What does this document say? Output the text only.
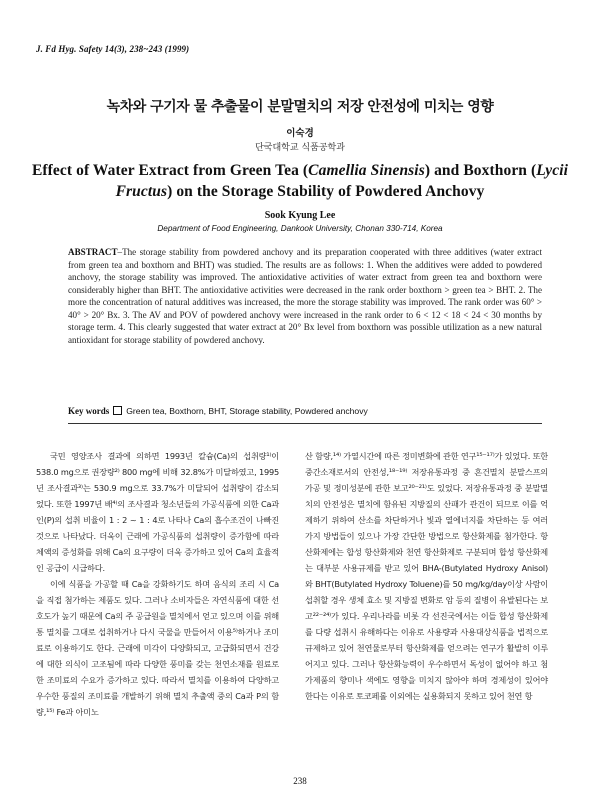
J. Fd Hyg. Safety 14(3), 238~243 (1999)
녹차와 구기자 물 추출물이 분말멸치의 저장 안전성에 미치는 영향
이숙경
단국대학교 식품공학과
Effect of Water Extract from Green Tea (Camellia Sinensis) and Boxthorn (Lycii Fructus) on the Storage Stability of Powdered Anchovy
Sook Kyung Lee
Department of Food Engineering, Dankook University, Chonan 330-714, Korea
ABSTRACT–The storage stability from powdered anchovy and its preparation cooperated with three additives (water extract from green tea and boxthorn and BHT) was studied. The results are as follows: 1. When the additives were added to powdered anchovy, the storage stability was improved. The antioxidative activities of water extract from green tea and boxthorn were considerably higher than BHT. The antioxidative activities were decreased in the rank order boxthorn > green tea > BHT. 2. The more the concentration of natural additives was increased, the more the storage stability was improved. The rank order was 60° > 40° > 20° Bx. 3. The AV and POV of powdered anchovy were increased in the rank order to 6 < 12 < 18 < 24 < 30 months by storage term. 4. This clearly suggested that water extract at 20° Bx level from boxthorn was possible utilization as a new natural antioxidant for storage stability of powdered anchovy.
Key words Green tea, Boxthorn, BHT, Storage stability, Powdered anchovy

국민 영양조사 결과에 의하면 1993년 칼슘(Ca)의 섭취량¹⁾이 538.0 mg으로 권장량²⁾ 800 mg에 비해 32.8%가 미달하였고, 1995년 조사결과³⁾는 530.9 mg으로 33.7%가 미달되어 섭취량이 감소되었다. 또한 1997년 배⁴⁾의 조사결과 청소년들의 가공식품에 의한 Ca과 인(P)의 섭취 비율이 1 : 2 ~ 1 : 4로 나타나 Ca의 흡수조건이 나빠진 것으로 나타났다. 더욱이 근래에 가공식품의 섭취량이 증가함에 따라 체액의 증성화를 위해 Ca의 요구량이 더욱 증가하고 있어 Ca의 효율적인 공급이 시급하다.

이에 식품을 가공할 때 Ca을 강화하기도 하며 음식의 조리 시 Ca을 직접 첨가하는 제품도 있다. 그러나 소비자들은 자연식품에 대한 선호도가 높기 때문에 Ca의 주 공급원을 멸치에서 얻고 있으며 이를 위해 통 멸치를 그대로 섭취하거나 다시 국물을 만들어서 이용⁵⁾하거나 조미료로 이용하기도 한다. 근래에 미각이 다양화되고, 고급화되면서 건강에 대한 의식이 고조됨에 따라 다양한 풍미를 갖는 천연소재를 원료로 한 조미료의 수요가 증가하고 있다. 따라서 멸치를 이용하여 다양하고 우수한 풍질의 조미료를 개발하기 위해 멸치 추출액 중의 Ca과 P의 함량,¹⁵⁾ Fe과 아미노

산 함량,¹⁴⁾ 가열시간에 따른 정미변화에 관한 연구¹⁵⁻¹⁷⁾가 있었다. 또한 중간소재로서의 안전성,¹⁸⁻¹⁹⁾ 저장유통과정 중 흔건멸치 분말스프의 가공 및 정미성분에 관한 보고²⁰⁻²¹⁾도 있었다. 저장유통과정 중 분말멸치의 안전성은 멸치에 함유된 지방질의 산패가 관건이 되므로 이를 억제하기 위하여 산소를 차단하거나 빛과 열에너지를 차단하는 등 여러 가지 방법들이 있으나 가장 간단한 방법으로 항산화제를 첨가한다. 항산화제에는 합성 항산화제와 천연 항산화제로 구분되며 합성 항산화제는 대부분 사용규제를 받고 있어 BHA-(Butylated Hydroxy Anisol)와 BHT(Butylated Hydroxy Toluene)를 50 mg/kg/day이상 사람이 섭취할 경우 생체 효소 및 지방질 변화로 암 등의 질병이 유발된다는 보고²²⁻²⁴⁾가 있다. 우리나라를 비롯 각 선진국에서는 이들 합성 항산화제를 다량 섭취시 유해하다는 이유로 사용량과 사용대상식품을 법적으로 규제하고 있어 천연물로부터 항산화제를 얻으려는 연구가 활발히 이루어지고 있다. 그러나 항산화능력이 우수하면서 독성이 없어야 하고 첨가제품의 향미나 색에도 영향을 미치지 않아야 하며 경제성이 있어야 한다는 이유로 토코페롤 이외에는 실용화되지 못하고 있어 천연 항

238
